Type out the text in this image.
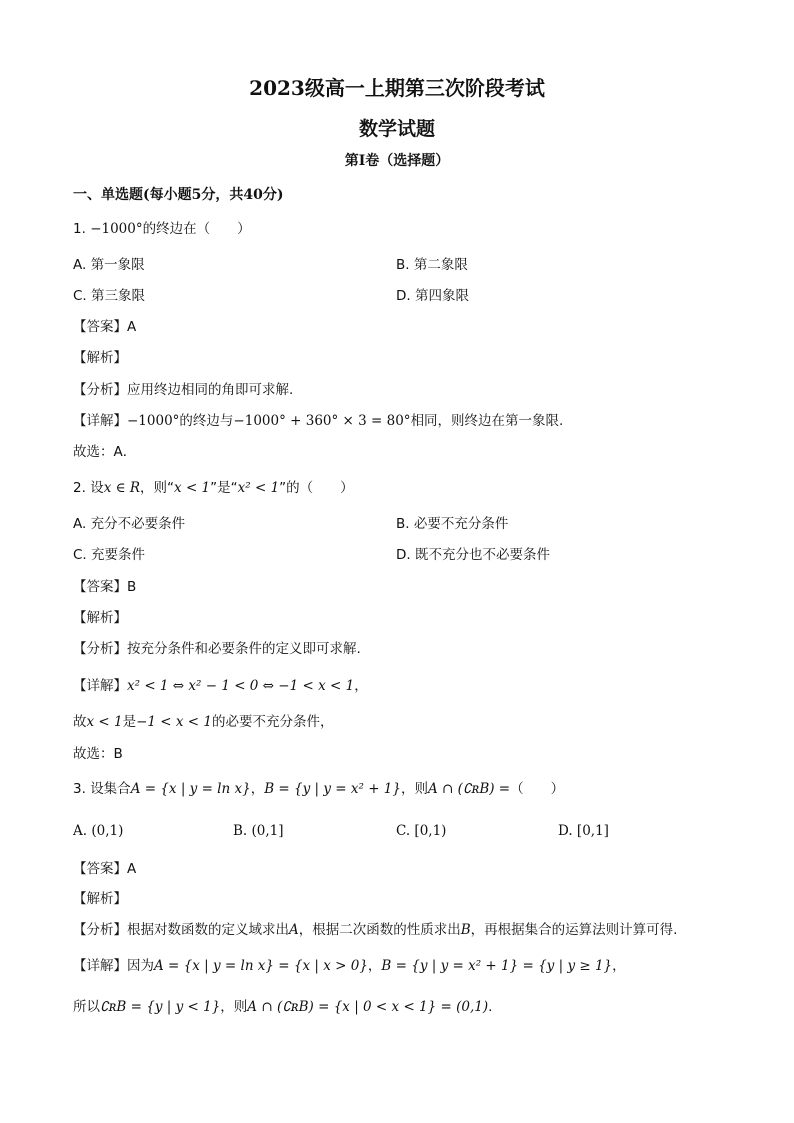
2023级高一上期第三次阶段考试
数学试题
第Ⅰ卷（选择题）
一、单选题(每小题5分，共40分)
1. −1000°的终边在（　　）
A. 第一象限	B. 第二象限
C. 第三象限	D. 第四象限
【答案】A
【解析】
【分析】应用终边相同的角即可求解.
【详解】−1000°的终边与−1000° + 360° × 3 = 80°相同，则终边在第一象限.
故选：A．
2. 设x ∈ R，则“x < 1”是“x² < 1”的（　　）
A. 充分不必要条件	B. 必要不充分条件
C. 充要条件	D. 既不充分也不必要条件
【答案】B
【解析】
【分析】按充分条件和必要条件的定义即可求解.
【详解】x² < 1 ⇔ x² − 1 < 0 ⇔ −1 < x < 1，
故x < 1是−1 < x < 1的必要不充分条件，
故选：B
3. 设集合A = {x | y = ln x}，B = {y | y = x² + 1}，则A ∩ (∁ʀB) =（　　）
A. (0,1)	B. (0,1]	C. [0,1)	D. [0,1]
【答案】A
【解析】
【分析】根据对数函数的定义域求出A，根据二次函数的性质求出B，再根据集合的运算法则计算可得.
【详解】因为A = {x | y = ln x} = {x | x > 0}，B = {y | y = x² + 1} = {y | y ≥ 1}，
所以∁ʀB = {y | y < 1}，则A ∩ (∁ʀB) = {x | 0 < x < 1} = (0,1).
